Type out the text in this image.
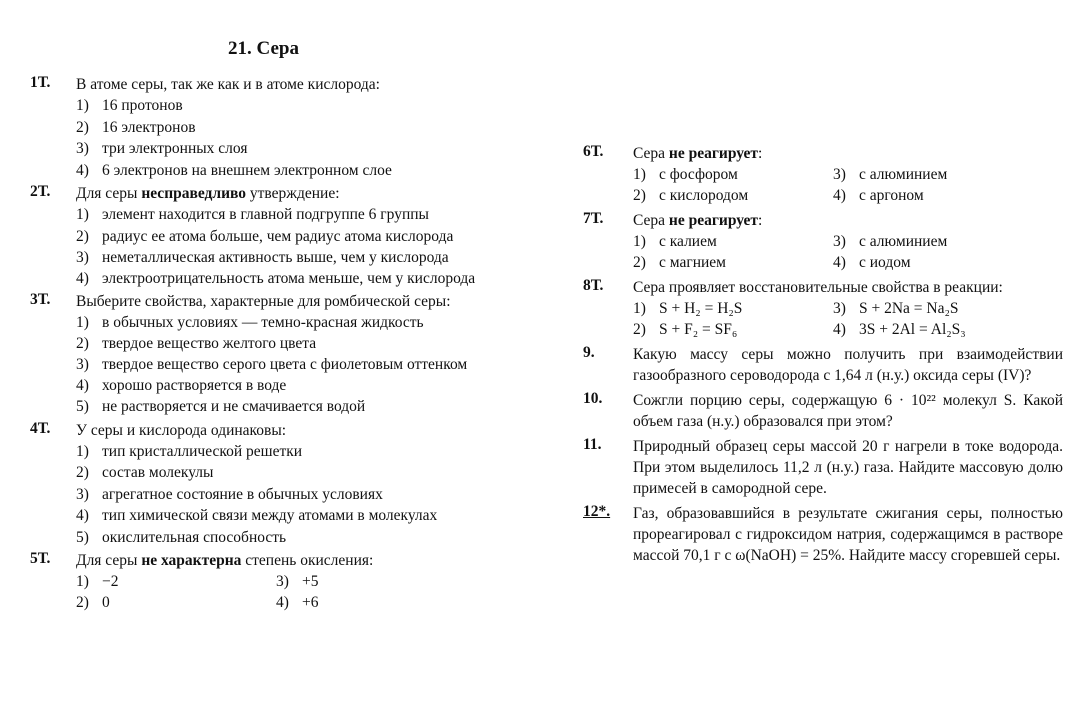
21. Сера
1Т.	В атоме серы, так же как и в атоме кислорода:
1) 16 протонов
2) 16 электронов
3) три электронных слоя
4) 6 электронов на внешнем электронном слое
2Т.	Для серы несправедливо утверждение:
1) элемент находится в главной подгруппе 6 группы
2) радиус ее атома больше, чем радиус атома кислорода
3) неметаллическая активность выше, чем у кислорода
4) электроотрицательность атома меньше, чем у кислорода
3Т.	Выберите свойства, характерные для ромбической серы:
1) в обычных условиях — темно-красная жидкость
2) твердое вещество желтого цвета
3) твердое вещество серого цвета с фиолетовым оттенком
4) хорошо растворяется в воде
5) не растворяется и не смачивается водой
4Т.	У серы и кислорода одинаковы:
1) тип кристаллической решетки
2) состав молекулы
3) агрегатное состояние в обычных условиях
4) тип химической связи между атомами в молекулах
5) окислительная способность
5Т.	Для серы не характерна степень окисления:
1) −2	3) +5
2) 0	4) +6
6Т.	Сера не реагирует:
1) с фосфором	3) с алюминием
2) с кислородом	4) с аргоном
7Т.	Сера не реагирует:
1) с калием	3) с алюминием
2) с магнием	4) с иодом
8Т.	Сера проявляет восстановительные свойства в реакции:
1) S + H₂ = H₂S	3) S + 2Na = Na₂S
2) S + F₂ = SF₆	4) 3S + 2Al = Al₂S₃
9.	Какую массу серы можно получить при взаимодействии газообразного сероводорода с 1,64 л (н.у.) оксида серы (IV)?
10.	Сожгли порцию серы, содержащую 6 · 10²² молекул S. Какой объем газа (н.у.) образовался при этом?
11.	Природный образец серы массой 20 г нагрели в токе водорода. При этом выделилось 11,2 л (н.у.) газа. Найдите массовую долю примесей в самородной сере.
12*.	Газ, образовавшийся в результате сжигания серы, полностью прореагировал с гидроксидом натрия, содержащимся в растворе массой 70,1 г с ω(NaOH) = 25%. Найдите массу сгоревшей серы.
